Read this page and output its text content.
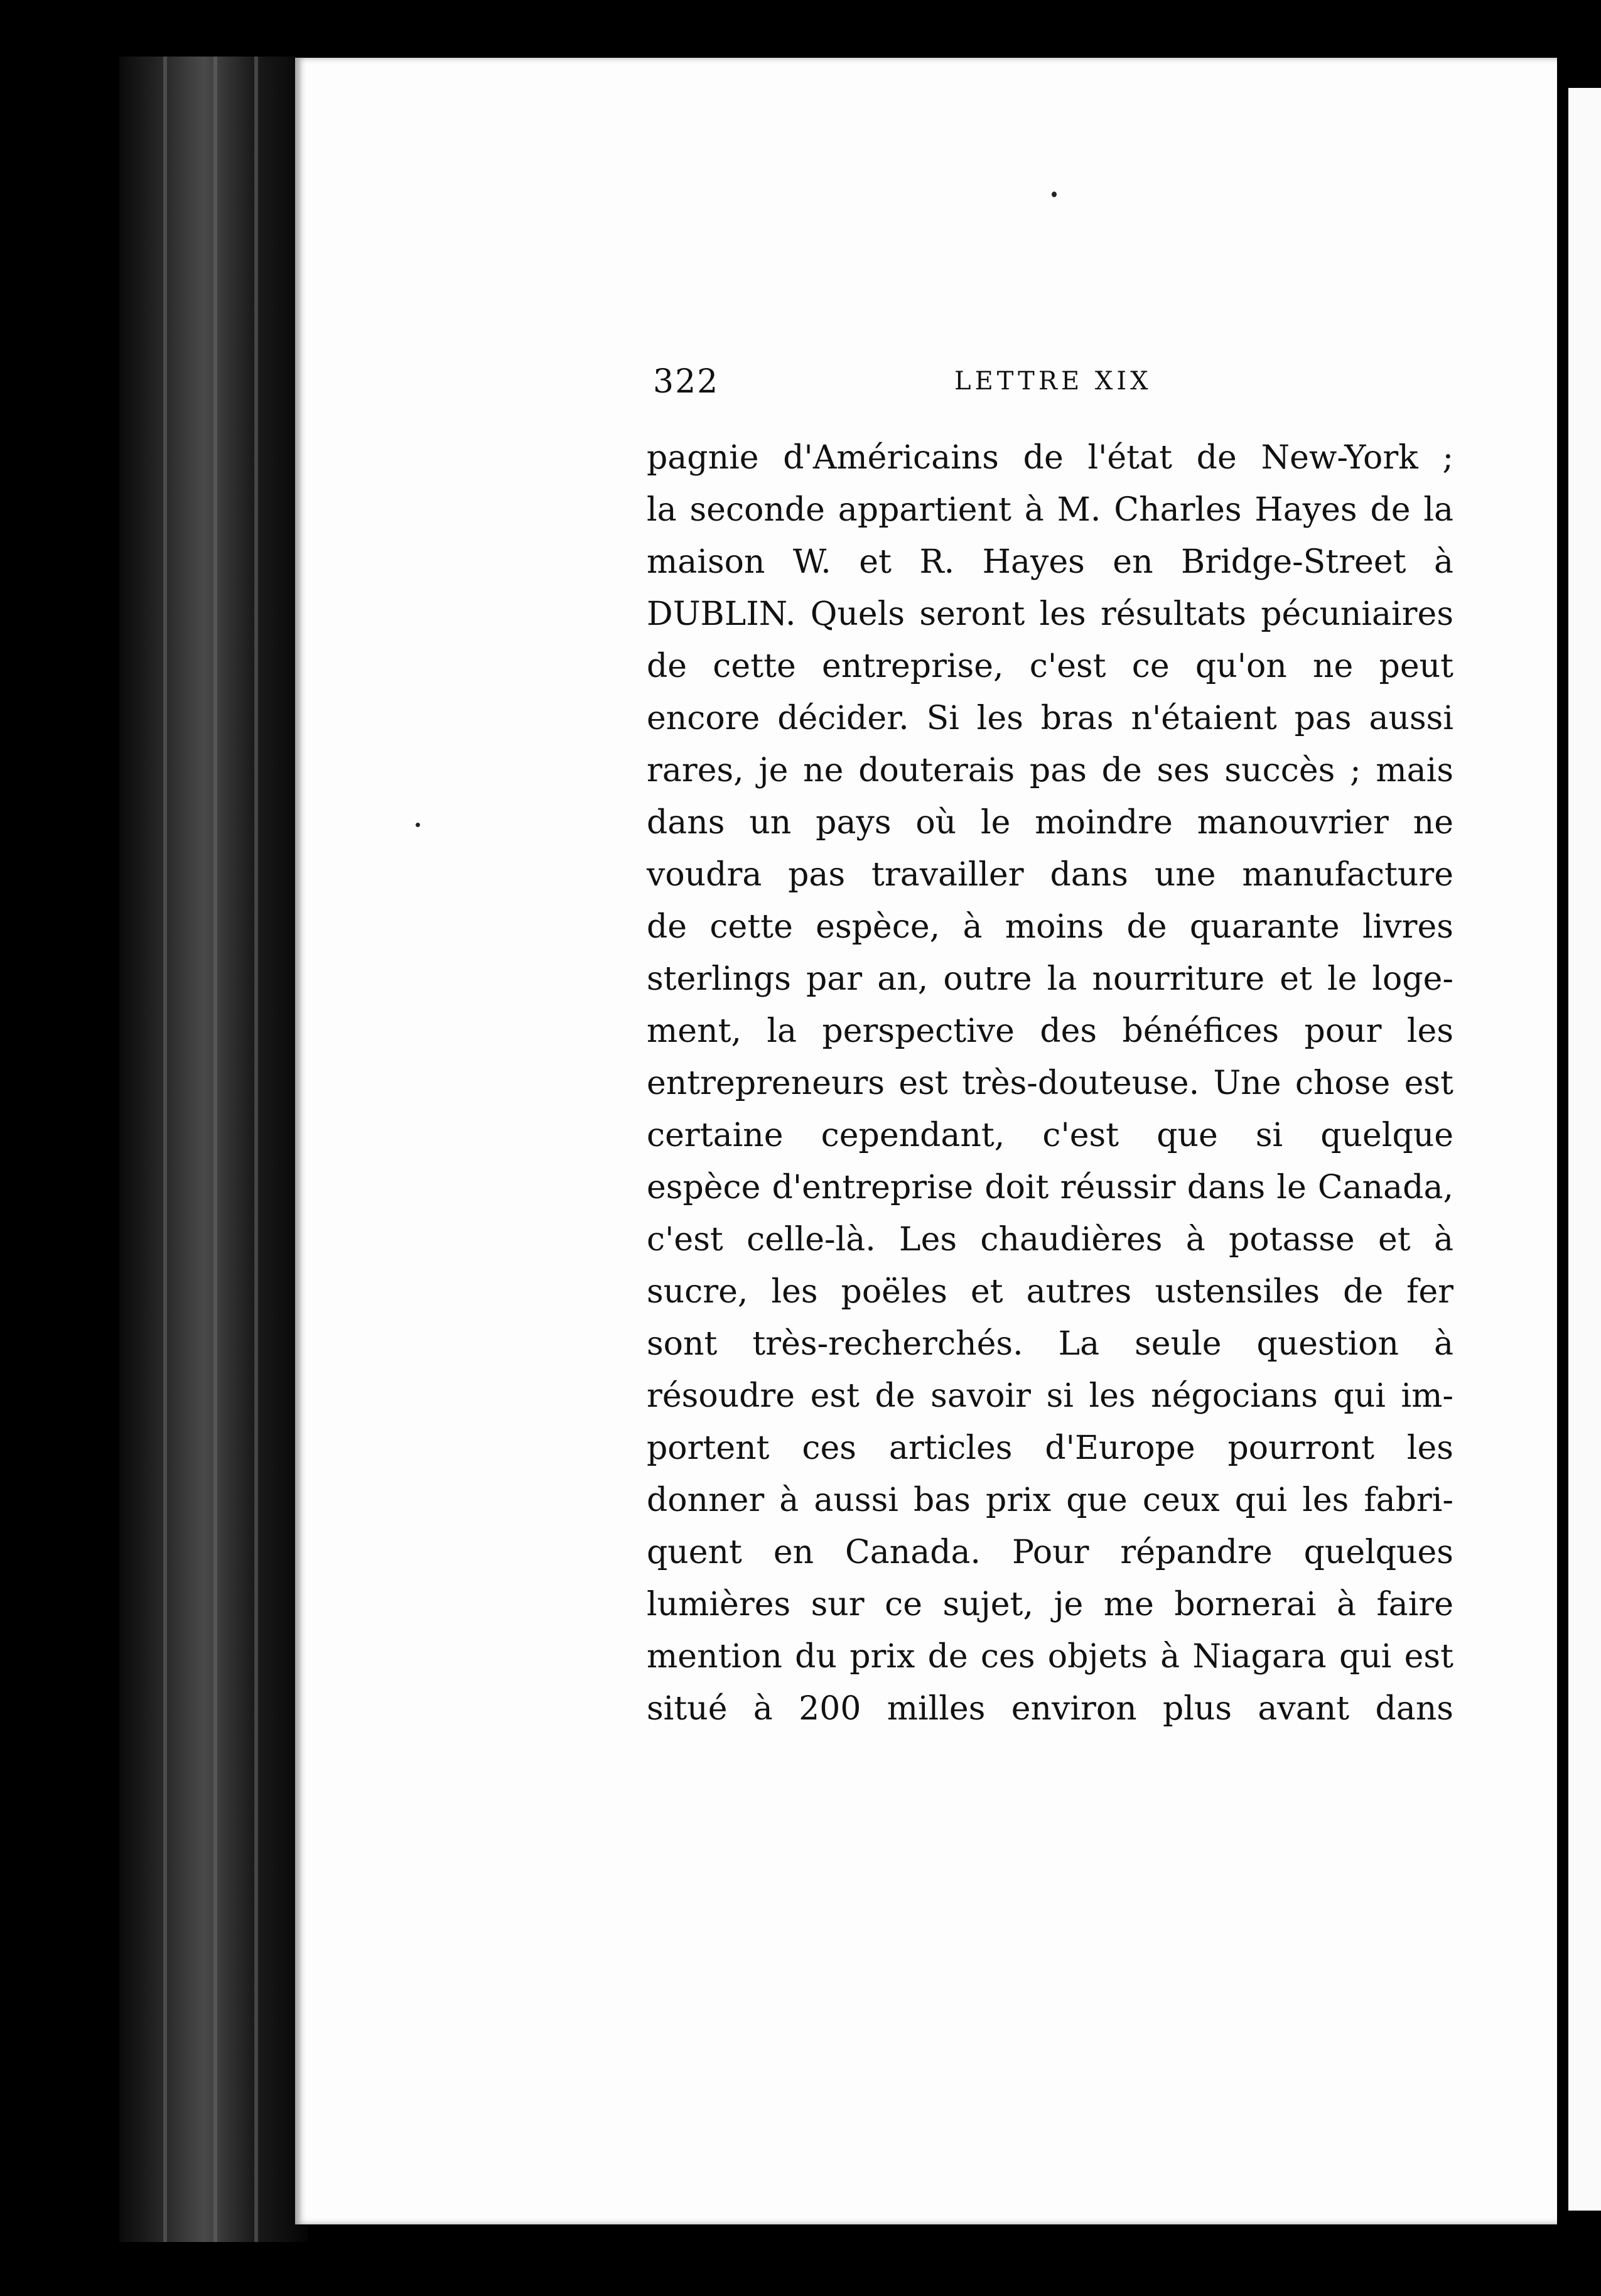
322	LETTRE XIX
pagnie d'Américains de l'état de New-York ;
la seconde appartient à M. Charles Hayes de la
maison W. et R. Hayes en Bridge-Street à
DUBLIN. Quels seront les résultats pécuniaires
de cette entreprise, c'est ce qu'on ne peut
encore décider. Si les bras n'étaient pas aussi
rares, je ne douterais pas de ses succès ; mais
dans un pays où le moindre manouvrier ne
voudra pas travailler dans une manufacture
de cette espèce, à moins de quarante livres
sterlings par an, outre la nourriture et le loge-
ment, la perspective des bénéfices pour les
entrepreneurs est très-douteuse. Une chose est
certaine cependant, c'est que si quelque
espèce d'entreprise doit réussir dans le Canada,
c'est celle-là. Les chaudières à potasse et à
sucre, les poëles et autres ustensiles de fer
sont très-recherchés. La seule question à
résoudre est de savoir si les négocians qui im-
portent ces articles d'Europe pourront les
donner à aussi bas prix que ceux qui les fabri-
quent en Canada. Pour répandre quelques
lumières sur ce sujet, je me bornerai à faire
mention du prix de ces objets à Niagara qui est
situé à 200 milles environ plus avant dans
